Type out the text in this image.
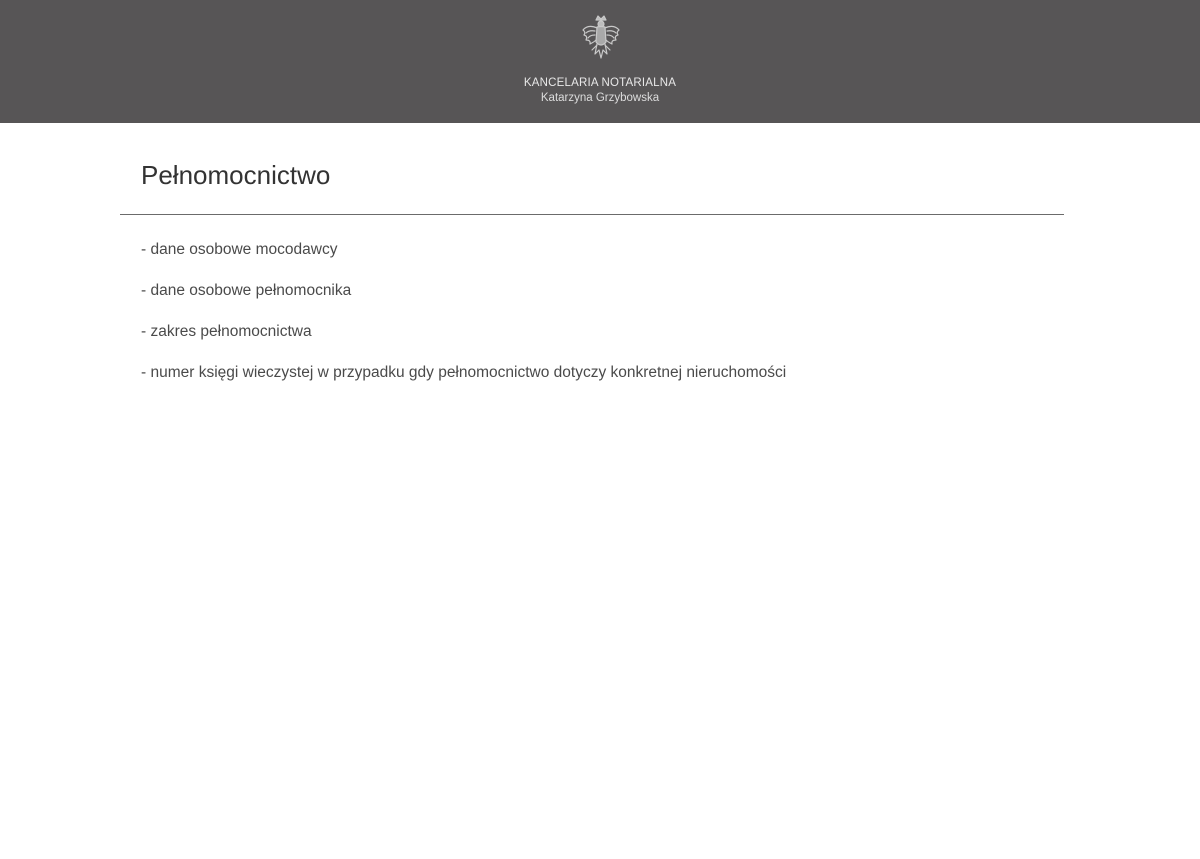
KANCELARIA NOTARIALNA
Katarzyna Grzybowska
Pełnomocnictwo
- dane osobowe mocodawcy
- dane osobowe pełnomocnika
- zakres pełnomocnictwa
- numer księgi wieczystej w przypadku gdy pełnomocnictwo dotyczy konkretnej nieruchomości
